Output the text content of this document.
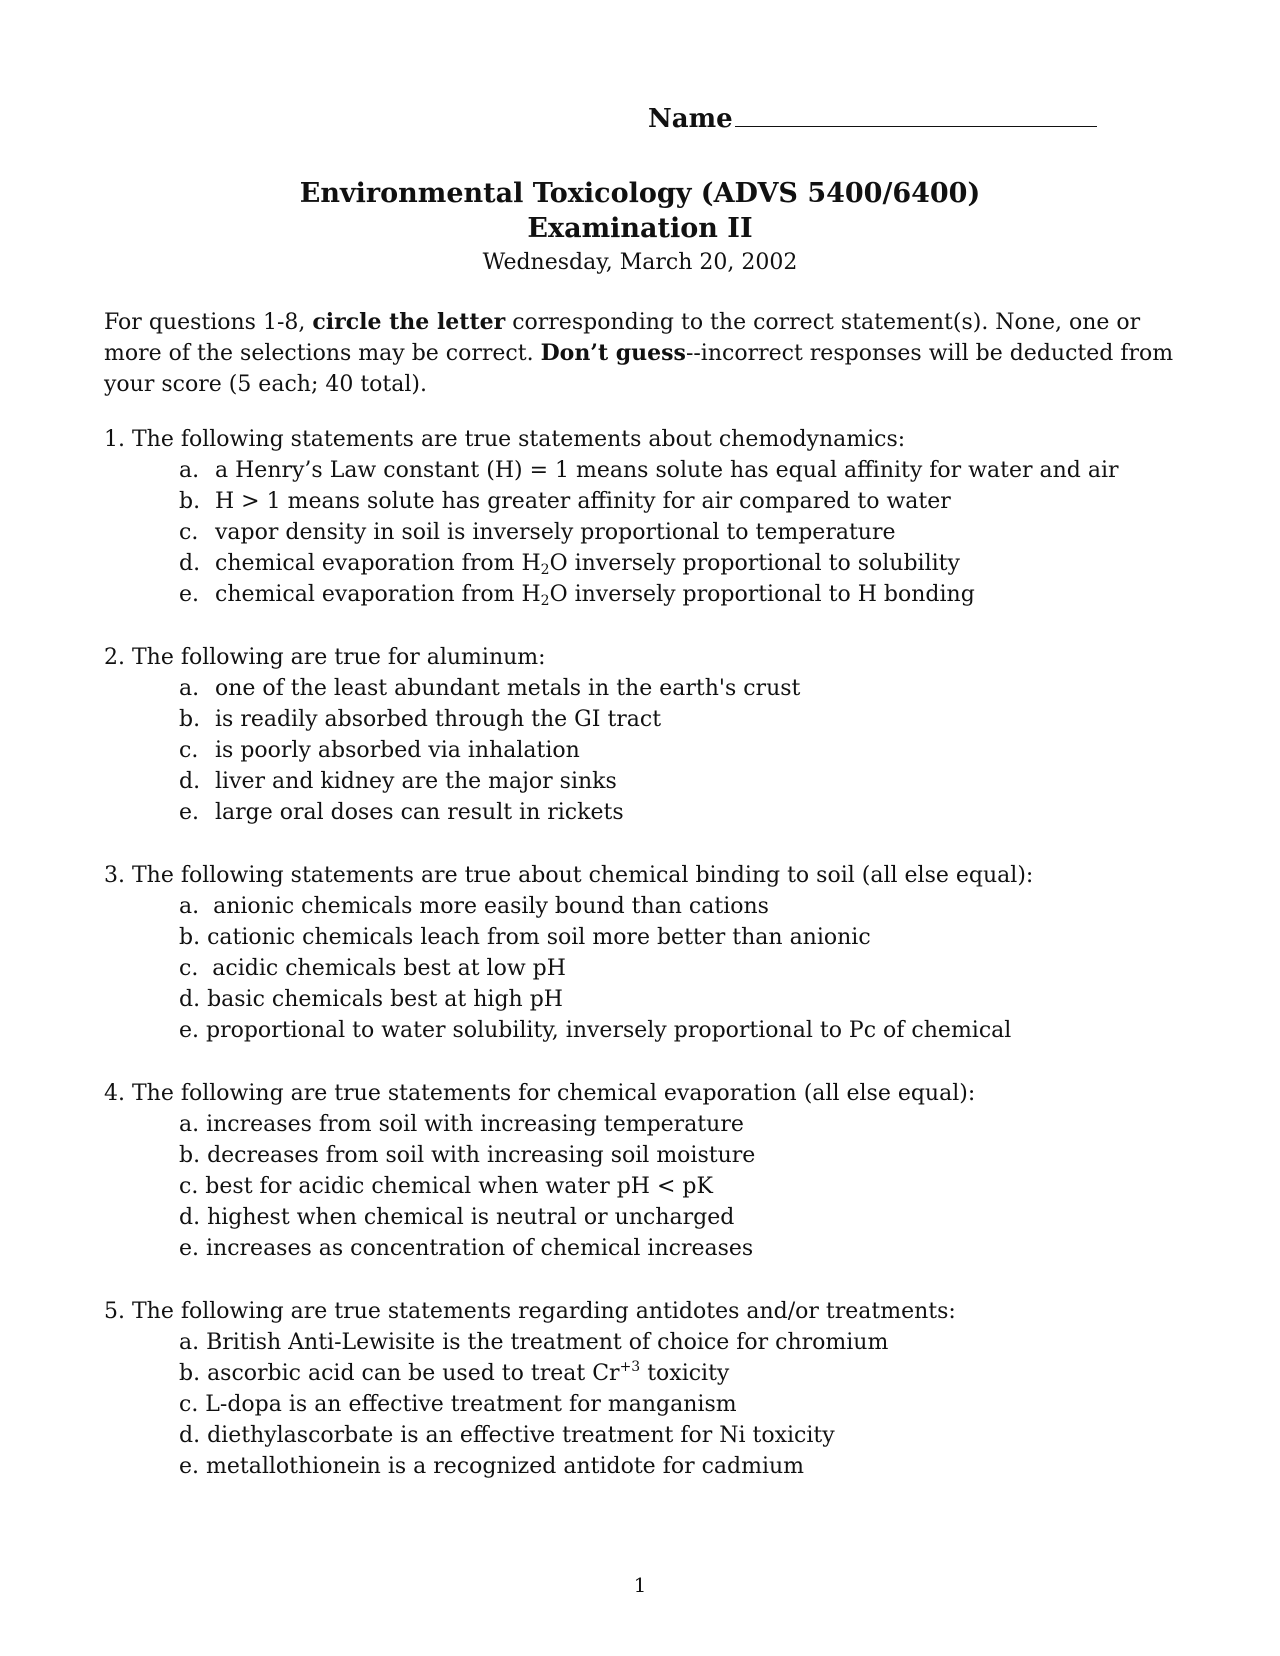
Name
Environmental Toxicology (ADVS 5400/6400)
Examination II
Wednesday, March 20, 2002
For questions 1-8, circle the letter corresponding to the correct statement(s). None, one or more of the selections may be correct. Don’t guess--incorrect responses will be deducted from your score (5 each; 40 total).
1. The following statements are true statements about chemodynamics:
a. a Henry’s Law constant (H) = 1 means solute has equal affinity for water and air
b. H > 1 means solute has greater affinity for air compared to water
c. vapor density in soil is inversely proportional to temperature
d. chemical evaporation from $H_2O$ inversely proportional to solubility
e. chemical evaporation from $H_2O$ inversely proportional to H bonding
2. The following are true for aluminum:
a. one of the least abundant metals in the earth's crust
b. is readily absorbed through the GI tract
c. is poorly absorbed via inhalation
d. liver and kidney are the major sinks
e. large oral doses can result in rickets
3. The following statements are true about chemical binding to soil (all else equal):
a.  anionic chemicals more easily bound than cations
b. cationic chemicals leach from soil more better than anionic
c.  acidic chemicals best at low pH
d. basic chemicals best at high pH
e. proportional to water solubility, inversely proportional to Pc of chemical
4. The following are true statements for chemical evaporation (all else equal):
a. increases from soil with increasing temperature
b. decreases from soil with increasing soil moisture
c. best for acidic chemical when water pH < pK
d. highest when chemical is neutral or uncharged
e. increases as concentration of chemical increases
5. The following are true statements regarding antidotes and/or treatments:
a. British Anti-Lewisite is the treatment of choice for chromium
b. ascorbic acid can be used to treat $Cr^{+3}$ toxicity
c. L-dopa is an effective treatment for manganism
d. diethylascorbate is an effective treatment for Ni toxicity
e. metallothionein is a recognized antidote for cadmium
1
